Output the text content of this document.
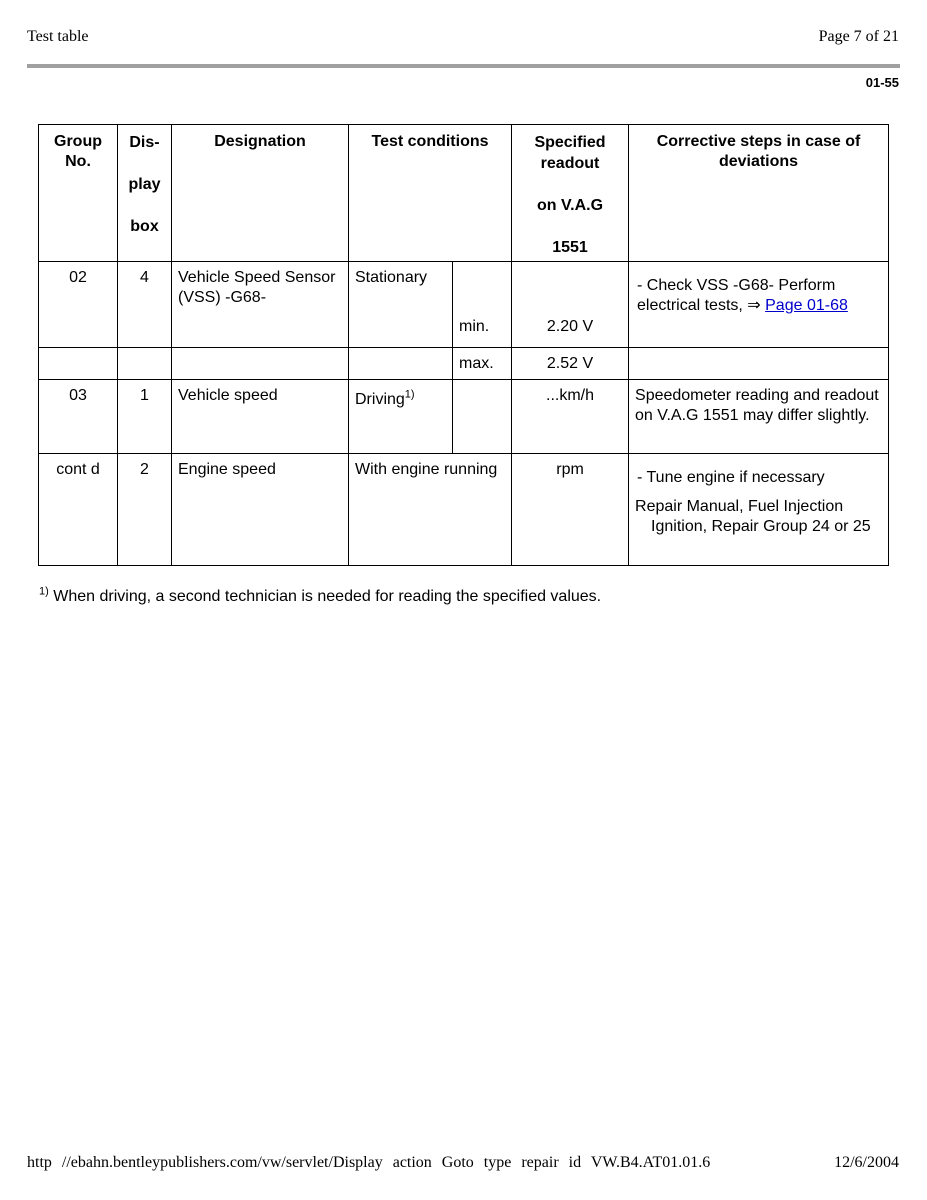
Test table	Page 7 of 21
01-55
Group
No.	Dis-
play
box	Designation	Test conditions		Specified
readout
on V.A.G
1551	Corrective steps in case of deviations
02	4	Vehicle Speed Sensor (VSS) -G68-	Stationary	min.	2.20 V	- Check VSS -G68- Perform electrical tests, ⇒ Page 01-68
				max.	2.52 V	
03	1	Vehicle speed	Driving$^{1)}$		...km/h	Speedometer reading and readout on V.A.G 1551 may differ slightly.
cont d	2	Engine speed	With engine running		rpm	- Tune engine if necessary
Repair Manual, Fuel Injection
Ignition, Repair Group 24 or 25
$^{1)}$ When driving, a second technician is needed for reading the specified values.
http //ebahn.bentleypublishers.com/vw/servlet/Display action Goto type repair id VW.B4.AT01.01.6	12/6/2004
